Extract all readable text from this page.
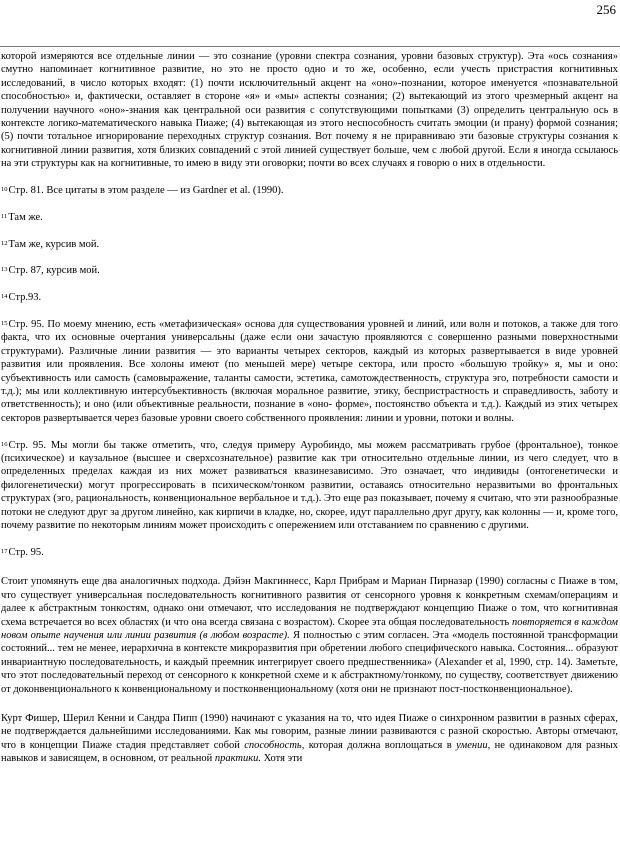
256

которой измеряются все отдельные линии — это сознание (уровни спектра сознания, уровни базовых структур). Эта «ось сознания» смутно напоминает когнитивное развитие, но это не просто одно и то же, особенно, если учесть пристрастия когнитивных исследований, в число которых входят: (1) почти исключительный акцент на «оно»-познании, которое именуется «познавательной способностью» и, фактически, оставляет в стороне «я» и «мы» аспекты сознания; (2) вытекающий из этого чрезмерный акцент на получении научного «оно»-знания как центральной оси развития с сопутствующими попытками (3) определить центральную ось в контексте логико-математического навыка Пиаже; (4) вытекающая из этого неспособность считать эмоции (и прану) формой сознания; (5) почти тотальное игнорирование переходных структур сознания. Вот почему я не приравниваю эти базовые структуры сознания к когнитивной линии развития, хотя близких совпадений с этой линией существует больше, чем с любой другой. Если я иногда ссылаюсь на эти структуры как на когнитивные, то имею в виду эти оговорки; почти во всех случаях я говорю о них в отдельности.

$^{10}$Стр. 81. Все цитаты в этом разделе — из Gardner et al. (1990).

$^{11}$Там же.

$^{12}$Там же, курсив мой.

$^{13}$Стр. 87, курсив мой.

$^{14}$Стр.93.

$^{15}$Стр. 95. По моему мнению, есть «метафизическая» основа для существования уровней и линий, или волн и потоков, а также для того факта, что их основные очертания универсальны (даже если они зачастую проявляются с совершенно разными поверхностными структурами). Различные линии развития — это варианты четырех секторов, каждый из которых развертывается в виде уровней развития или проявления. Все холоны имеют (по меньшей мере) четыре сектора, или просто «большую тройку» я, мы и оно: субъективность или самость (самовыражение, таланты самости, эстетика, самотождественность, структура эго, потребности самости и т.д.); мы или коллективную интерсубъективность (включая моральное развитие, этику, беспристрастность и справедливость, заботу и ответственность); и оно (или объективные реальности, познание в «оно- форме», постоянство объекта и т.д.). Каждый из этих четырех секторов развертывается через базовые уровни своего собственного проявления: линии и уровни, потоки и волны.

$^{16}$Стр. 95. Мы могли бы также отметить, что, следуя примеру Ауробиндо, мы можем рассматривать грубое (фронтальное), тонкое (психическое) и каузальное (высшее и сверхсознательное) развитие как три относительно отдельные линии, из чего следует, что в определенных пределах каждая из них может развиваться квазинезависимо. Это означает, что индивиды (онтогенетически и филогенетически) могут прогрессировать в психическом/тонком развитии, оставаясь относительно неразвитыми во фронтальных структурах (эго, рациональность, конвенциональное вербальное и т.д.). Это еще раз показывает, почему я считаю, что эти разнообразные потоки не следуют друг за другом линейно, как кирпичи в кладке, но, скорее, идут параллельно друг другу, как колонны — и, кроме того, почему развитие по некоторым линиям может происходить с опережением или отставанием по сравнению с другими.

$^{17}$Стр. 95.

Стоит упомянуть еще два аналогичных подхода. Дэйэн Макгиннесс, Карл Прибрам и Мариан Пирназар (1990) согласны с Пиаже в том, что существует универсальная последовательность когнитивного развития от сенсорного уровня к конкретным схемам/операциям и далее к абстрактным тонкостям, однако они отмечают, что исследования не подтверждают концепцию Пиаже о том, что когнитивная схема встречается во всех областях (и что она всегда связана с возрастом). Скорее эта общая последовательность повторяется в каждом новом опыте научения или линии развития (в любом возрасте). Я полностью с этим согласен. Эта «модель постоянной трансформации состояний... тем не менее, иерархична в контексте микроразвития при обретении любого специфического навыка. Состояния... образуют инвариантную последовательность, и каждый преемник интегрирует своего предшественника» (Alexander et al, 1990, стр. 14). Заметьте, что этот последовательный переход от сенсорного к конкретной схеме и к абстрактному/тонкому, по существу, соответствует движению от доконвенционального к конвенциональному и постконвенциональному (хотя они не признают пост-постконвенциональное).

Курт Фишер, Шерил Кенни и Сандра Пипп (1990) начинают с указания на то, что идея Пиаже о синхронном развитии в разных сферах, не подтверждается дальнейшими исследованиями. Как мы говорим, разные линии развиваются с разной скоростью. Авторы отмечают, что в концепции Пиаже стадия представляет собой способность, которая должна воплощаться в умении, не одинаковом для разных навыков и зависящем, в основном, от реальной практики. Хотя эти
